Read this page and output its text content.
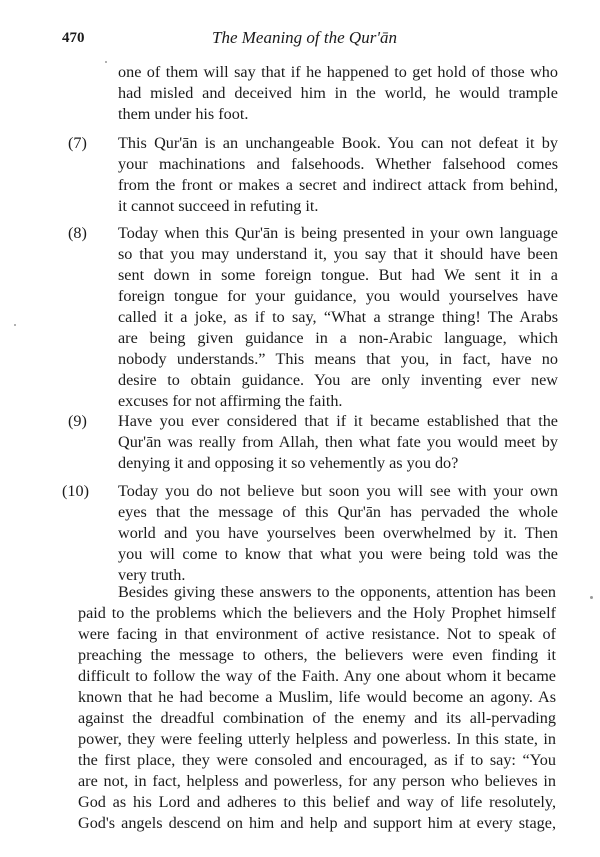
470	The Meaning of the Qur'ān
one of them will say that if he happened to get hold of those who
had misled and deceived him in the world, he would trample
them under his foot.
(7)	This Qur'ān is an unchangeable Book. You can not defeat it by
your machinations and falsehoods. Whether falsehood comes
from the front or makes a secret and indirect attack from behind,
it cannot succeed in refuting it.
(8)	Today when this Qur'ān is being presented in your own language
so that you may understand it, you say that it should have been
sent down in some foreign tongue. But had We sent it in a
foreign tongue for your guidance, you would yourselves have
called it a joke, as if to say, “What a strange thing! The Arabs
are being given guidance in a non-Arabic language, which
nobody understands.” This means that you, in fact, have no
desire to obtain guidance. You are only inventing ever new
excuses for not affirming the faith.
(9)	Have you ever considered that if it became established that the
Qur'ān was really from Allah, then what fate you would meet by
denying it and opposing it so vehemently as you do?
(10)	Today you do not believe but soon you will see with your own
eyes that the message of this Qur'ān has pervaded the whole
world and you have yourselves been overwhelmed by it. Then
you will come to know that what you were being told was the
very truth.
Besides giving these answers to the opponents, attention has been
paid to the problems which the believers and the Holy Prophet himself
were facing in that environment of active resistance. Not to speak of
preaching the message to others, the believers were even finding it
difficult to follow the way of the Faith. Any one about whom it became
known that he had become a Muslim, life would become an agony. As
against the dreadful combination of the enemy and its all-pervading
power, they were feeling utterly helpless and powerless. In this state, in
the first place, they were consoled and encouraged, as if to say: “You
are not, in fact, helpless and powerless, for any person who believes in
God as his Lord and adheres to this belief and way of life resolutely,
God's angels descend on him and help and support him at every stage,
